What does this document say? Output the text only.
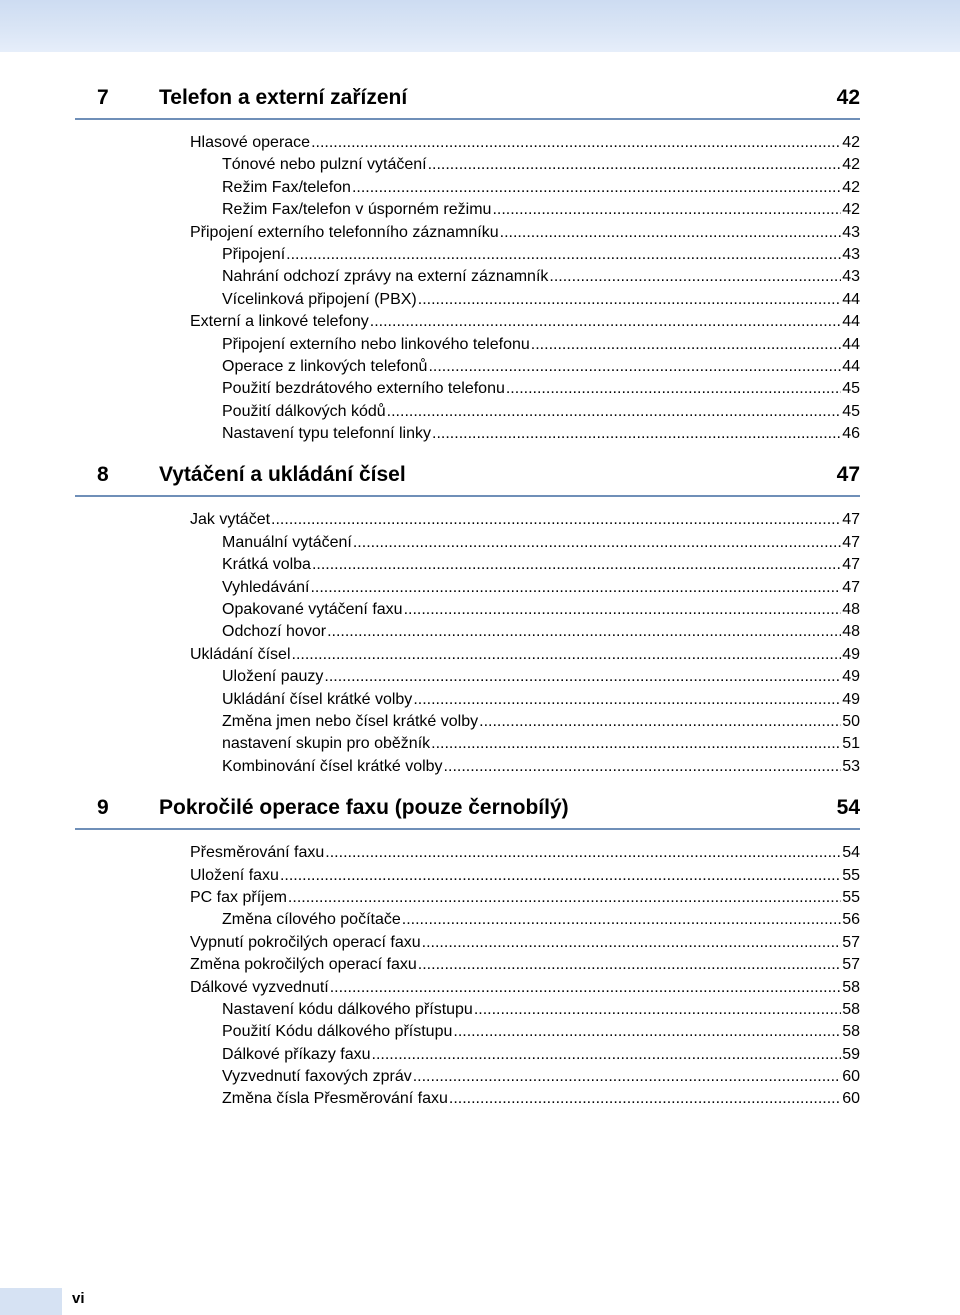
7	Telefon a externí zařízení	42
Hlasové operace .....	42
Tónové nebo pulzní vytáčení .....	42
Režim Fax/telefon .....	42
Režim Fax/telefon v úsporném režimu .....	42
Připojení externího telefonního záznamníku .....	43
Připojení .....	43
Nahrání odchozí zprávy na externí záznamník .....	43
Vícelinková připojení (PBX) .....	44
Externí a linkové telefony .....	44
Připojení externího nebo linkového telefonu .....	44
Operace z linkových telefonů .....	44
Použití bezdrátového externího telefonu .....	45
Použití dálkových kódů .....	45
Nastavení typu telefonní linky .....	46
8	Vytáčení a ukládání čísel	47
Jak vytáčet .....	47
Manuální vytáčení .....	47
Krátká volba .....	47
Vyhledávání .....	47
Opakované vytáčení faxu .....	48
Odchozí hovor .....	48
Ukládání čísel .....	49
Uložení pauzy .....	49
Ukládání čísel krátké volby .....	49
Změna jmen nebo čísel krátké volby .....	50
nastavení skupin pro oběžník .....	51
Kombinování čísel krátké volby .....	53
9	Pokročilé operace faxu (pouze černobílý)	54
Přesměrování faxu .....	54
Uložení faxu .....	55
PC fax příjem .....	55
Změna cílového počítače .....	56
Vypnutí pokročilých operací faxu .....	57
Změna pokročilých operací faxu .....	57
Dálkové vyzvednutí .....	58
Nastavení kódu dálkového přístupu .....	58
Použití Kódu dálkového přístupu .....	58
Dálkové příkazy faxu .....	59
Vyzvednutí faxových zpráv .....	60
Změna čísla Přesměrování faxu .....	60
vi
